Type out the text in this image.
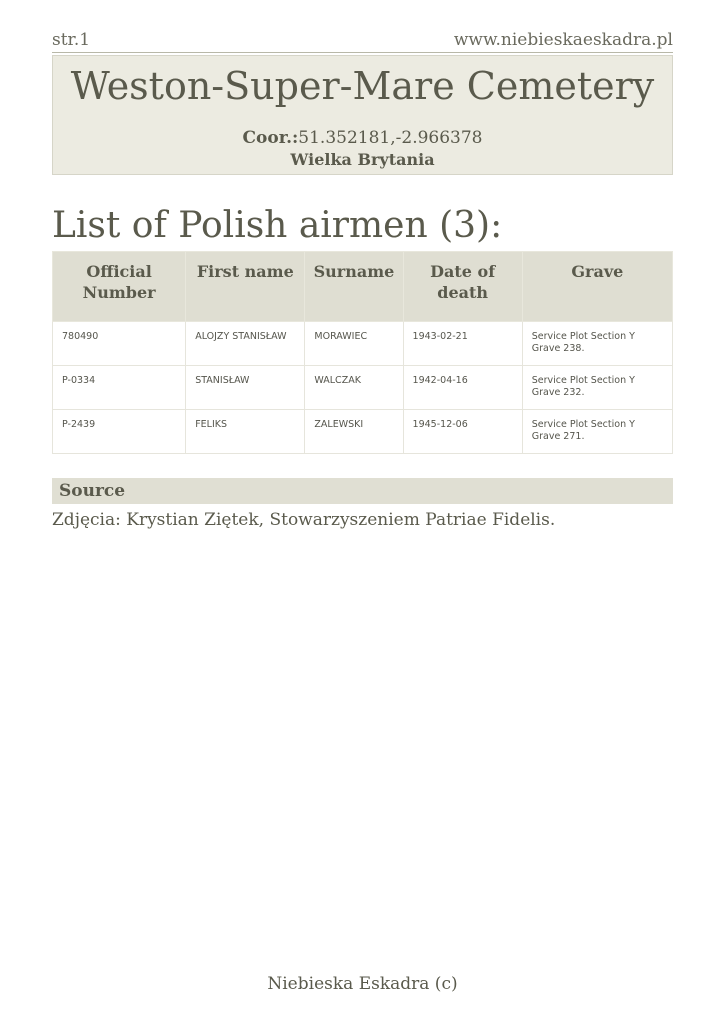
str.1	www.niebieskaeskadra.pl
Weston-Super-Mare Cemetery
Coor.:51.352181,-2.966378
Wielka Brytania
List of Polish airmen (3):
Official Number	First name	Surname	Date of death	Grave
780490	ALOJZY STANISŁAW	MORAWIEC	1943-02-21	Service Plot Section Y Grave 238.
P-0334	STANISŁAW	WALCZAK	1942-04-16	Service Plot Section Y Grave 232.
P-2439	FELIKS	ZALEWSKI	1945-12-06	Service Plot Section Y Grave 271.
Source
Zdjęcia: Krystian Ziętek, Stowarzyszeniem Patriae Fidelis.
Niebieska Eskadra (c)
